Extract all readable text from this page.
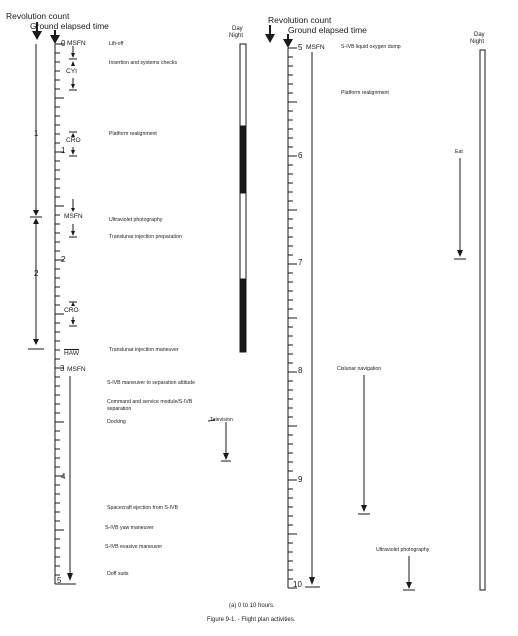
Revolution count
Ground elapsed time
Revolution count
Ground elapsed time
Day
Night	Day
Night
0
1
2
3
4
5
1
2
MSFN
CYI
CRO
MSFN
CRO
HAW
MSFN
Lift-off
Insertion and systems checks
Platform realignment
Ultraviolet photography
Translunar injection preparation
Translunar injection maneuver
S-IVB maneuver to separation attitude
Command and service module/S-IVB
separation
Docking
Spacecraft ejection from S-IVB
S-IVB yaw maneuver
S-IVB evasive maneuver
Doff suits
Television
5 MSFN
6
7
8
9
10
S-IVB liquid oxygen dump
Platform realignment
Cislunar navigation
Ultraviolet photography
Eat
(a) 0 to 10 hours.
Figure 9-1. - Flight plan activities.
